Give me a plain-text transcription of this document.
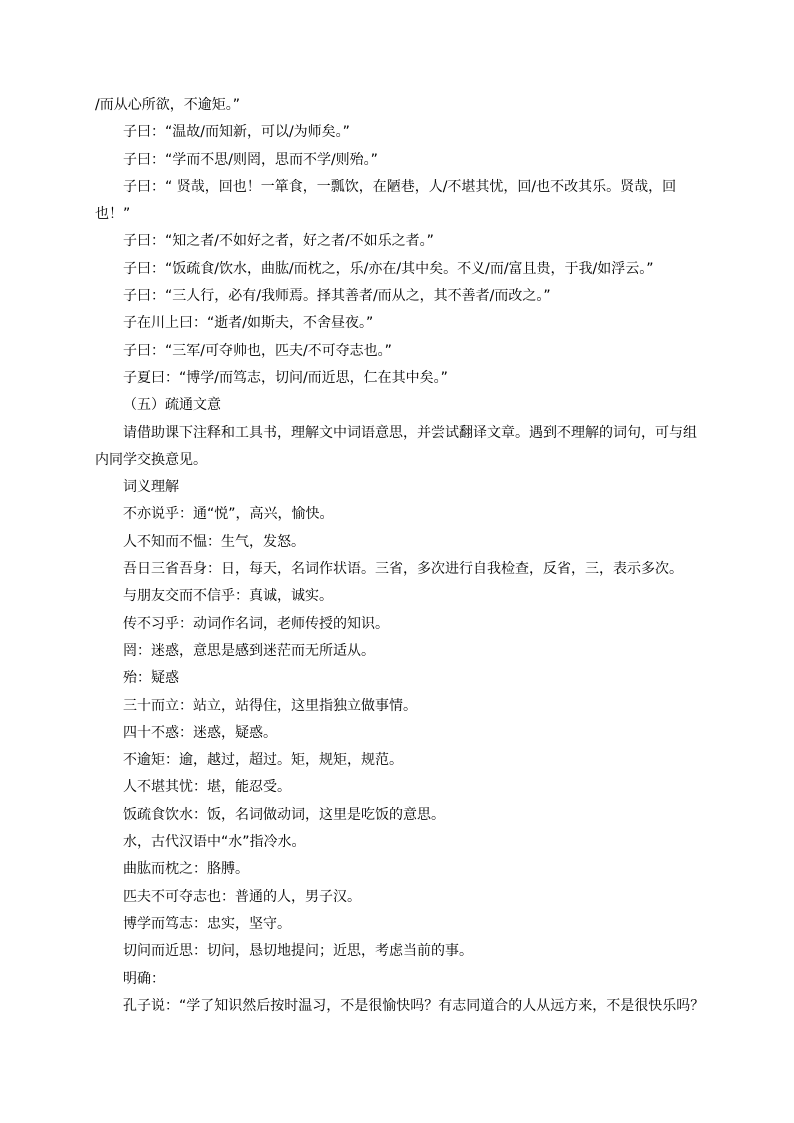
/而从心所欲，不逾矩。”
子曰：“温故/而知新，可以/为师矣。”
子曰：“学而不思/则罔，思而不学/则殆。”
子曰：“ 贤哉，回也！一箪食，一瓢饮，在陋巷，人/不堪其忧，回/也不改其乐。贤哉，回
也！”
子曰：“知之者/不如好之者，好之者/不如乐之者。”
子曰：“饭疏食/饮水，曲肱/而枕之，乐/亦在/其中矣。不义/而/富且贵，于我/如浮云。”
子曰：“三人行，必有/我师焉。择其善者/而从之，其不善者/而改之。”
子在川上曰：“逝者/如斯夫，不舍昼夜。”
子曰：“三军/可夺帅也，匹夫/不可夺志也。”
子夏曰：“博学/而笃志，切问/而近思，仁在其中矣。”
（五）疏通文意
请借助课下注释和工具书，理解文中词语意思，并尝试翻译文章。遇到不理解的词句，可与组
内同学交换意见。
词义理解
不亦说乎：通“悦”，高兴，愉快。
人不知而不愠：生气，发怒。
吾日三省吾身：日，每天，名词作状语。三省，多次进行自我检查，反省，三，表示多次。
与朋友交而不信乎：真诚，诚实。
传不习乎：动词作名词，老师传授的知识。
罔：迷惑，意思是感到迷茫而无所适从。
殆：疑惑
三十而立：站立，站得住，这里指独立做事情。
四十不惑：迷惑，疑惑。
不逾矩：逾，越过，超过。矩，规矩，规范。
人不堪其忧：堪，能忍受。
饭疏食饮水：饭，名词做动词，这里是吃饭的意思。
水，古代汉语中“水”指冷水。
曲肱而枕之：胳膊。
匹夫不可夺志也：普通的人，男子汉。
博学而笃志：忠实，坚守。
切问而近思：切问，恳切地提问；近思，考虑当前的事。
明确：
孔子说：“学了知识然后按时温习，不是很愉快吗？有志同道合的人从远方来，不是很快乐吗？
